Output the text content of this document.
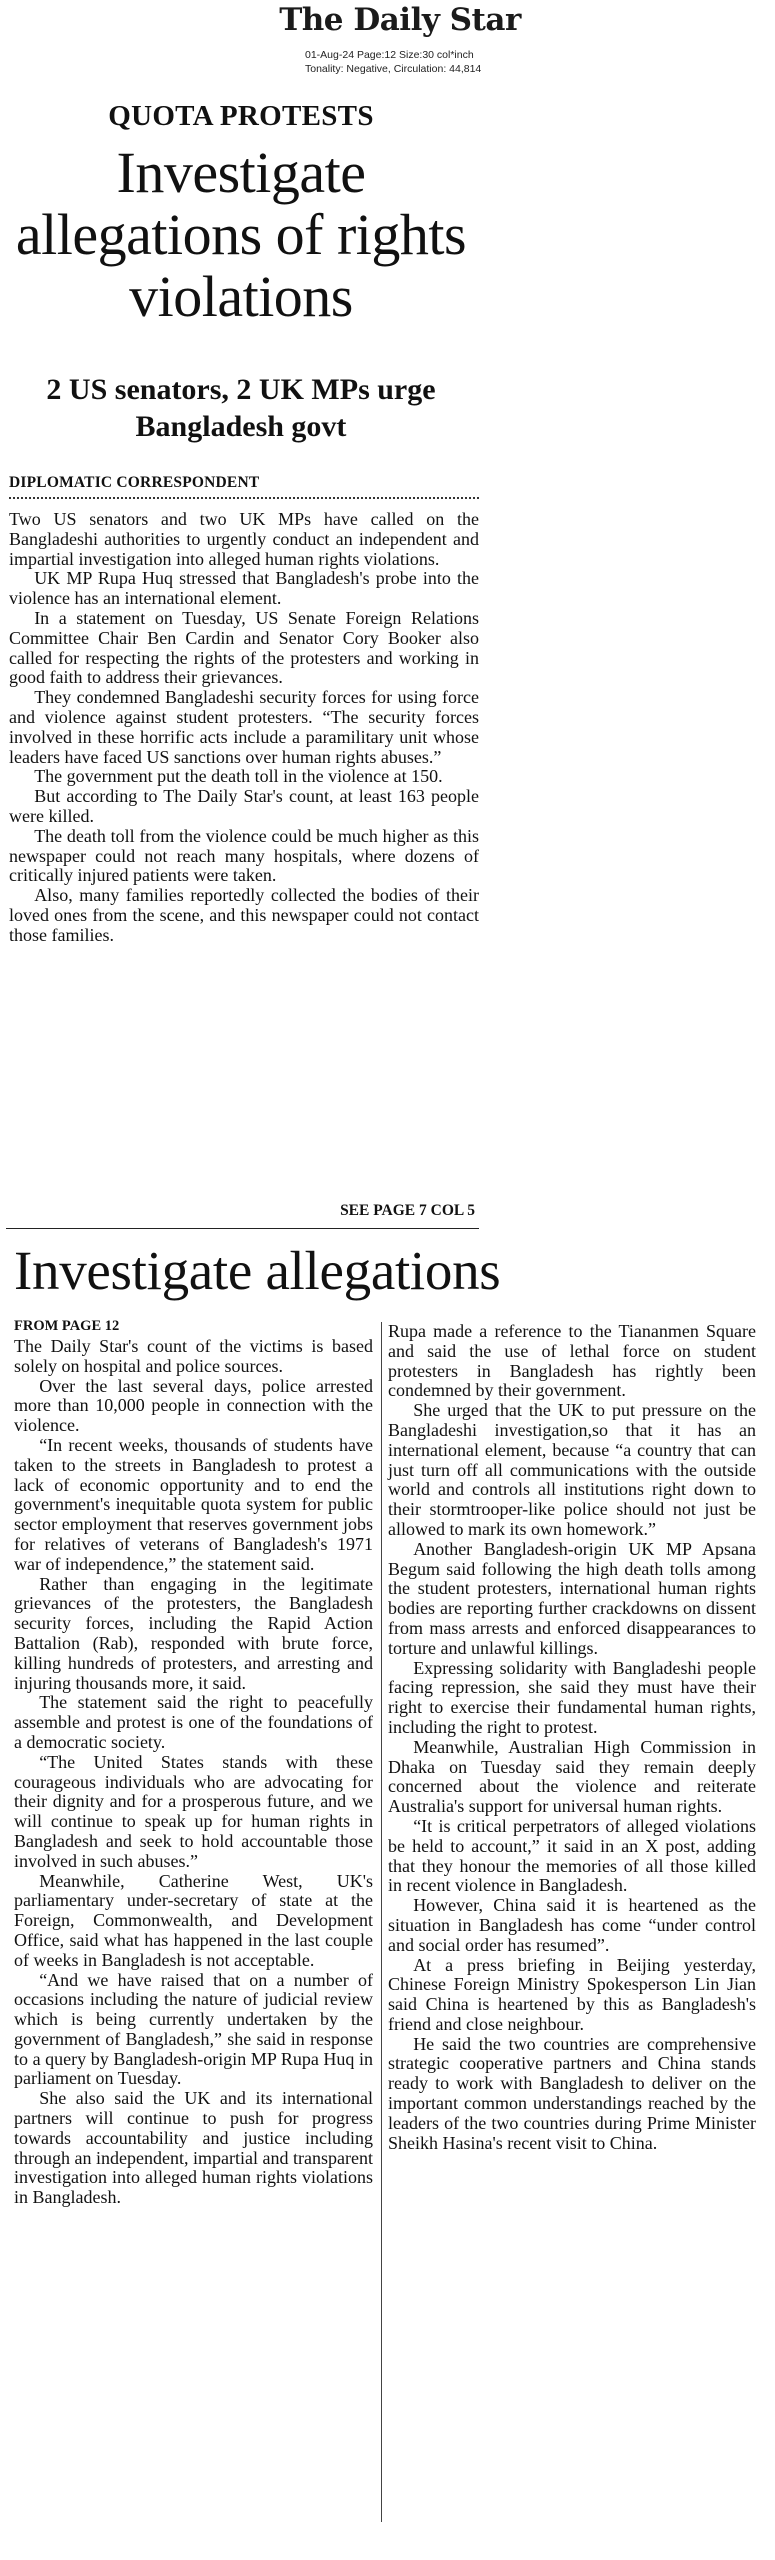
The Daily Star
01-Aug-24 Page:12 Size:30 col*inch
Tonality: Negative, Circulation: 44,814
QUOTA PROTESTS
Investigate allegations of rights violations
2 US senators, 2 UK MPs urge Bangladesh govt
DIPLOMATIC CORRESPONDENT

Two US senators and two UK MPs have called on the Bangladeshi authorities to urgently conduct an independent and impartial investigation into alleged human rights violations.

UK MP Rupa Huq stressed that Bangladesh's probe into the violence has an international element.

In a statement on Tuesday, US Senate Foreign Relations Committee Chair Ben Cardin and Senator Cory Booker also called for respecting the rights of the protesters and working in good faith to address their grievances.

They condemned Bangladeshi security forces for using force and violence against student protesters. “The security forces involved in these horrific acts include a paramilitary unit whose leaders have faced US sanctions over human rights abuses.”

The government put the death toll in the violence at 150.

But according to The Daily Star's count, at least 163 people were killed.

The death toll from the violence could be much higher as this newspaper could not reach many hospitals, where dozens of critically injured patients were taken.

Also, many families reportedly collected the bodies of their loved ones from the scene, and this newspaper could not contact those families.

SEE PAGE 7 COL 5
Investigate allegations
FROM PAGE 12

The Daily Star's count of the victims is based solely on hospital and police sources.

Over the last several days, police arrested more than 10,000 people in connection with the violence.

“In recent weeks, thousands of students have taken to the streets in Bangladesh to protest a lack of economic opportunity and to end the government's inequitable quota system for public sector employment that reserves government jobs for relatives of veterans of Bangladesh's 1971 war of independence,” the statement said.

Rather than engaging in the legitimate grievances of the protesters, the Bangladesh security forces, including the Rapid Action Battalion (Rab), responded with brute force, killing hundreds of protesters, and arresting and injuring thousands more, it said.

The statement said the right to peacefully assemble and protest is one of the foundations of a democratic society.

“The United States stands with these courageous individuals who are advocating for their dignity and for a prosperous future, and we will continue to speak up for human rights in Bangladesh and seek to hold accountable those involved in such abuses.”

Meanwhile, Catherine West, UK's parliamentary under-secretary of state at the Foreign, Commonwealth, and Development Office, said what has happened in the last couple of weeks in Bangladesh is not acceptable.

“And we have raised that on a number of occasions including the nature of judicial review which is being currently undertaken by the government of Bangladesh,” she said in response to a query by Bangladesh-origin MP Rupa Huq in parliament on Tuesday.

She also said the UK and its international partners will continue to push for progress towards accountability and justice including through an independent, impartial and transparent investigation into alleged human rights violations in Bangladesh.

Rupa made a reference to the Tiananmen Square and said the use of lethal force on student protesters in Bangladesh has rightly been condemned by their government.

She urged that the UK to put pressure on the Bangladeshi investigation,so that it has an international element, because “a country that can just turn off all communications with the outside world and controls all institutions right down to their stormtrooper-like police should not just be allowed to mark its own homework.”

Another Bangladesh-origin UK MP Apsana Begum said following the high death tolls among the student protesters, international human rights bodies are reporting further crackdowns on dissent from mass arrests and enforced disappearances to torture and unlawful killings.

Expressing solidarity with Bangladeshi people facing repression, she said they must have their right to exercise their fundamental human rights, including the right to protest.

Meanwhile, Australian High Commission in Dhaka on Tuesday said they remain deeply concerned about the violence and reiterate Australia's support for universal human rights.

“It is critical perpetrators of alleged violations be held to account,” it said in an X post, adding that they honour the memories of all those killed in recent violence in Bangladesh.

However, China said it is heartened as the situation in Bangladesh has come “under control and social order has resumed”.

At a press briefing in Beijing yesterday, Chinese Foreign Ministry Spokesperson Lin Jian said China is heartened by this as Bangladesh's friend and close neighbour.

He said the two countries are comprehensive strategic cooperative partners and China stands ready to work with Bangladesh to deliver on the important common understandings reached by the leaders of the two countries during Prime Minister Sheikh Hasina's recent visit to China.
